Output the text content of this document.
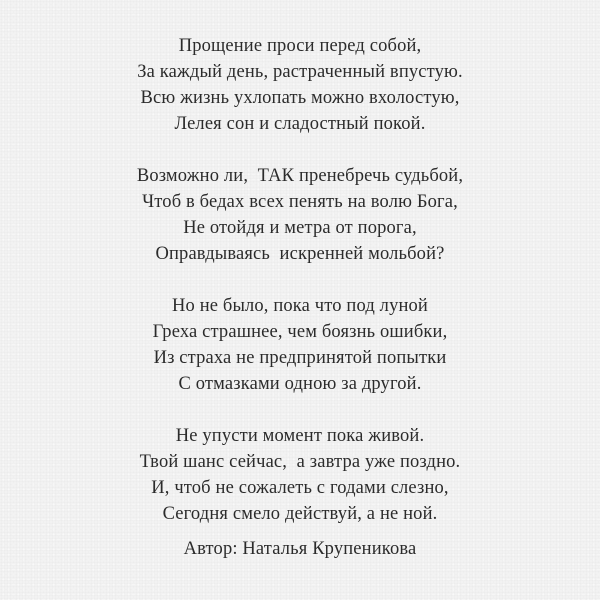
Прощение проси перед собой,
За каждый день, растраченный впустую.
Всю жизнь ухлопать можно вхолостую,
Лелея сон и сладостный покой.
Возможно ли,  ТАК пренебречь судьбой,
Чтоб в бедах всех пенять на волю Бога,
Не отойдя и метра от порога,
Оправдываясь  искренней мольбой?
Но не было, пока что под луной
Греха страшнее, чем боязнь ошибки,
Из страха не предпринятой попытки
С отмазками одною за другой.
Не упусти момент пока живой.
Твой шанс сейчас,  а завтра уже поздно.
И, чтоб не сожалеть с годами слезно,
Сегодня смело действуй, а не ной.
Автор: Наталья Крупеникова
